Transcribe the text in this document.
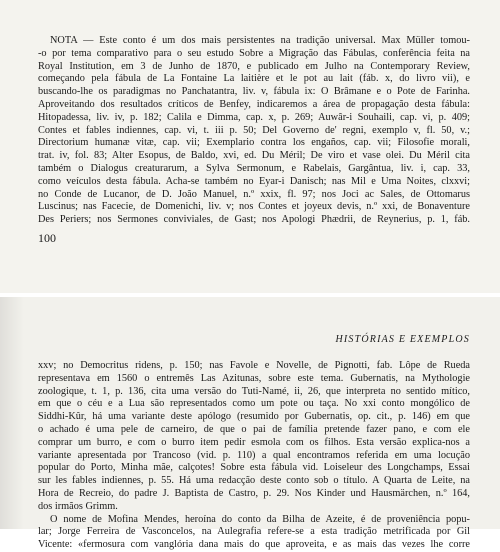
NOTA — Este conto é um dos mais persistentes na tradição universal. Max Müller tomou-
-o por tema comparativo para o seu estudo Sobre a Migração das Fábulas, conferência feita na
Royal Institution, em 3 de Junho de 1870, e publicado em Julho na Contemporary Review,
começando pela fábula de La Fontaine La laitière et le pot au lait (fáb. x, do livro vii), e
buscando-lhe os paradigmas no Panchatantra, liv. v, fábula ix: O Brâmane e o Pote de Farinha.
Aproveitando dos resultados críticos de Benfey, indicaremos a área de propagação desta fábula:
Hitopadessa, liv. iv, p. 182; Calila e Dimma, cap. x, p. 269; Auwâr-i Souhaili, cap. vi, p. 409;
Contes et fables indiennes, cap. vi, t. iii p. 50; Del Governo de' regni, exemplo v, fl. 50, v.;
Directorium humanæ vitæ, cap. vii; Exemplario contra los engaños, cap. vii; Filosofie morali,
trat. iv, fol. 83; Alter Esopus, de Baldo, xvi, ed. Du Méril; De viro et vase olei. Du Méril cita
também o Dialogus creaturarum, a Sylva Sermonum, e Rabelais, Gargântua, liv. i, cap. 33,
como veículos desta fábula. Acha-se também no Eyar-i Danisch; nas Mil e Uma Noites, clxxvi;
no Conde de Lucanor, de D. João Manuel, n.º xxix, fl. 97; nos Joci ac Sales, de Ottomarus
Luscinus; nas Facecie, de Domenichi, liv. v; nos Contes et joyeux devis, n.º xxi, de Bonaventure
Des Periers; nos Sermones conviviales, de Gast; nos Apologi Phædrii, de Reynerius, p. 1, fáb.
100
HISTÓRIAS E EXEMPLOS
xxv; no Democritus ridens, p. 150; nas Favole e Novelle, de Pignotti, fab. Lôpe de Rueda
representava em 1560 o entremês Las Azitunas, sobre este tema. Gubernatis, na Mythologie
zoologique, t. 1, p. 136, cita uma versão do Tuti-Namé, ii, 26, que interpreta no sentido mítico,
em que o céu e a Lua são representados como um pote ou taça. No xxi conto mongólico de
Siddhi-Kûr, há uma variante deste apólogo (resumido por Gubernatis, op. cit., p. 146) em que
o achado é uma pele de carneiro, de que o pai de família pretende fazer pano, e com ele
comprar um burro, e com o burro item pedir esmola com os filhos. Esta versão explica-nos a
variante apresentada por Trancoso (vid. p. 110) a qual encontramos referida em uma locução
popular do Porto, Minha mãe, calçotes! Sobre esta fábula vid. Loiseleur des Longchamps, Essai
sur les fables indiennes, p. 55. Há uma redacção deste conto sob o título. A Quarta de Leite, na
Hora de Recreio, do padre J. Baptista de Castro, p. 29. Nos Kinder und Hausmärchen, n.º 164,
dos irmãos Grimm.
O nome de Mofina Mendes, heroína do conto da Bilha de Azeite, é de proveniência popu-
lar; Jorge Ferreira de Vasconcelos, na Aulegrafia refere-se a esta tradição metrificada por Gil
Vicente: «fermosura com vanglória dana mais do que aproveita, e as mais das vezes lhe corre
